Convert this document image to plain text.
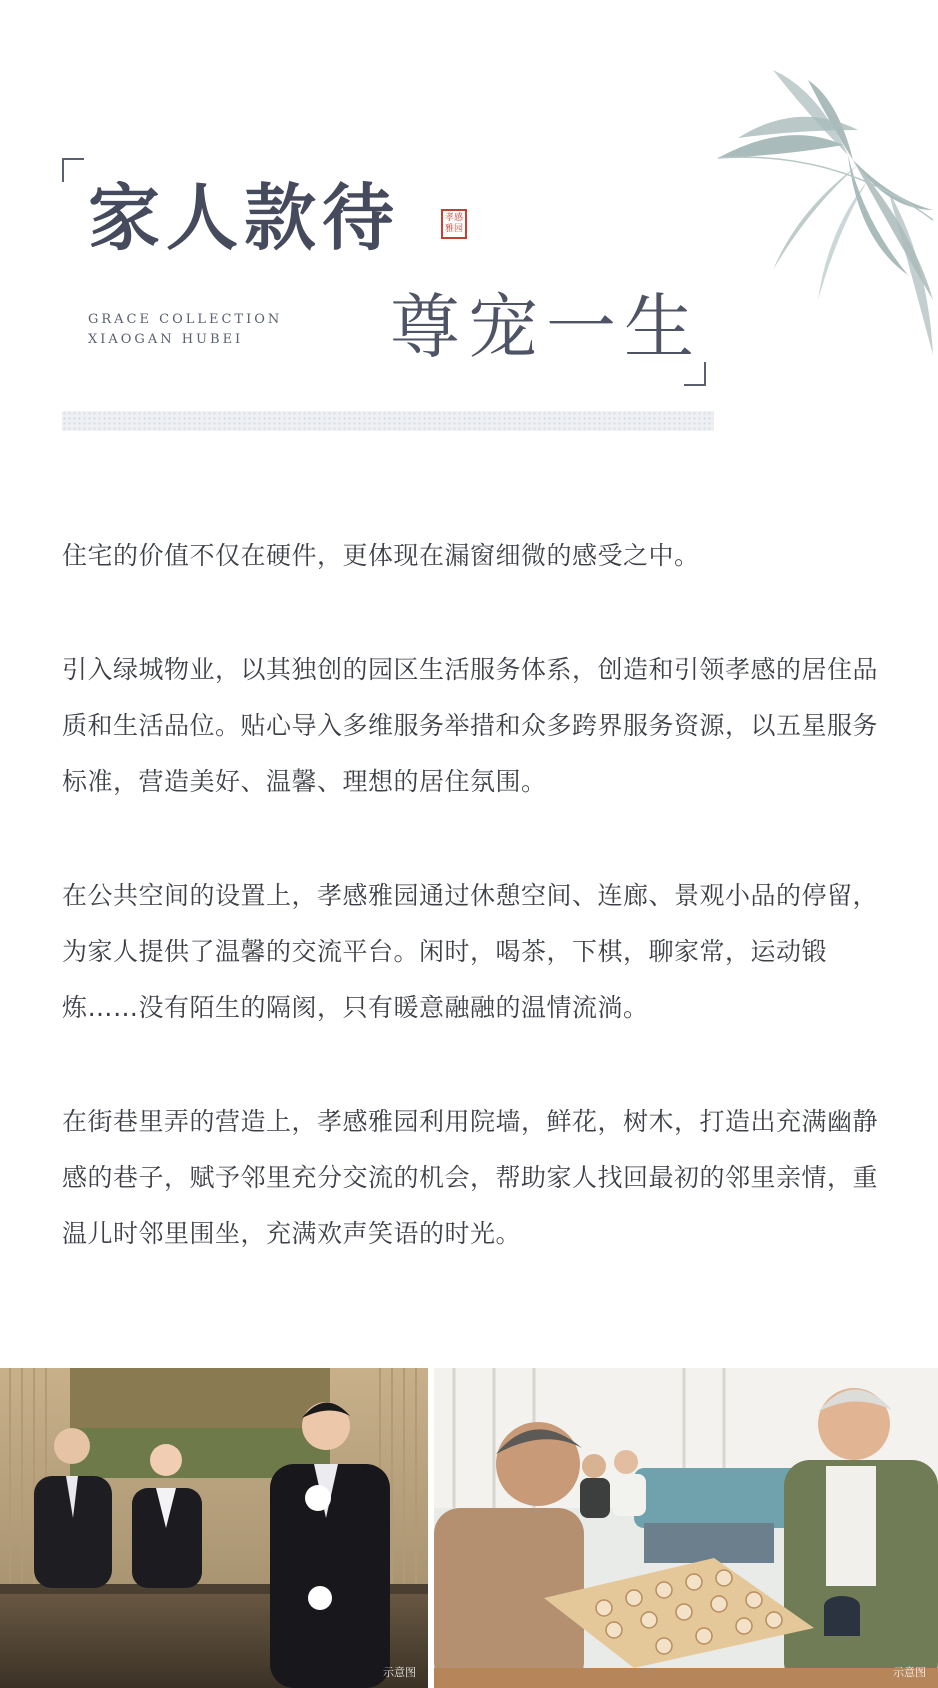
家人款待	孝感
雅园
GRACE COLLECTION
XIAOGAN HUBEI	尊宠一生

住宅的价值不仅在硬件，更体现在漏窗细微的感受之中。

引入绿城物业，以其独创的园区生活服务体系，创造和引领孝感的居住品质和生活品位。贴心导入多维服务举措和众多跨界服务资源，以五星服务标准，营造美好、温馨、理想的居住氛围。

在公共空间的设置上，孝感雅园通过休憩空间、连廊、景观小品的停留，为家人提供了温馨的交流平台。闲时，喝茶，下棋，聊家常，运动锻炼……没有陌生的隔阂，只有暖意融融的温情流淌。

在街巷里弄的营造上，孝感雅园利用院墙，鲜花，树木，打造出充满幽静感的巷子，赋予邻里充分交流的机会，帮助家人找回最初的邻里亲情，重温儿时邻里围坐，充满欢声笑语的时光。

示意图	示意图
